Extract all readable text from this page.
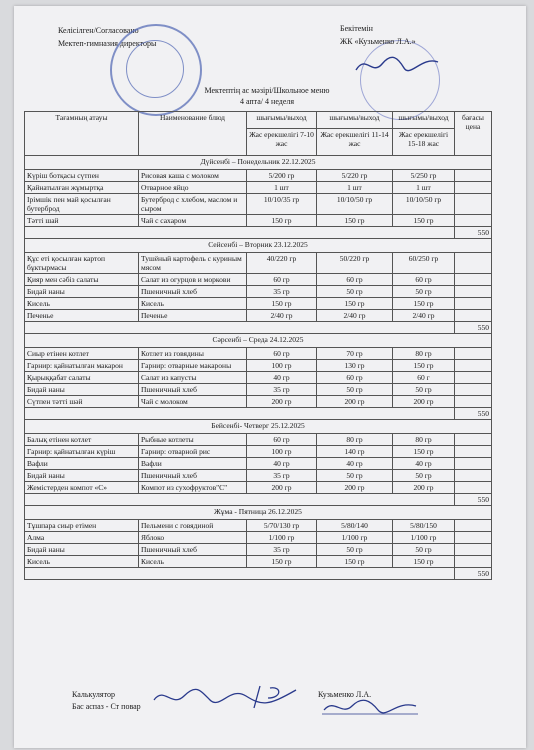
Келісілген/Согласовано
Мектеп-гимназия директоры
Бекітемін
ЖК «Кузьменко Л.А.»
Мектептің ас мәзірі/Школьное меню
4 апта/ 4 неделя
Тағамның атауы	Наименование блюд	шығымы/выход	шығымы/выход	шығымы/выход	бағасы цена
		Жас ерекшелігі 7-10 жас	Жас ерекшелігі 11-14 жас	Жас ерекшелігі 15-18 жас	
Дүйсенбі – Понедельник 22.12.2025					
Күріш ботқасы сүтпен	Рисовая каша с молоком	5/200 гр	5/220 гр	5/250 гр	
Қайнатылған жұмыртқа	Отварное яйцо	1 шт	1 шт	1 шт	
Ірімшік пен май қосылған бутерброд	Бутерброд с хлебом, маслом и сыром	10/10/35 гр	10/10/50 гр	10/10/50 гр	
Тәтті шай	Чай с сахаром	150 гр	150 гр	150 гр	
					550
Сейсенбі – Вторник 23.12.2025					
Құс еті қосылған картоп бұктырмасы	Тушёный картофель с куриным мясом	40/220 гр	50/220 гр	60/250 гр	
Қияр мен сәбіз салаты	Салат из огурцов и моркови	60 гр	60 гр	60 гр	
Бидай наны	Пшеничный хлеб	35 гр	50 гр	50 гр	
Кисель	Кисель	150 гр	150 гр	150 гр	
Печенье	Печенье	2/40 гр	2/40 гр	2/40 гр	
					550
Сәрсенбі – Среда 24.12.2025					
Сиыр етінен котлет	Котлет из говядины	60 гр	70 гр	80 гр	
Гарнир: қайнатылған макарон	Гарнир: отварные макароны	100 гр	130 гр	150 гр	
Қырыққабат салаты	Салат из капусты	40 гр	60 гр	60 г	
Бидай наны	Пшеничный хлеб	35 гр	50 гр	50 гр	
Сүтпен тәтті шәй	Чай с молоком	200 гр	200 гр	200 гр	
					550
Бейсенбі- Четверг 25.12.2025					
Балық етінен котлет	Рыбные котлеты	60 гр	80 гр	80 гр	
Гарнир: қайнатылған күріш	Гарнир: отварной рис	100 гр	140 гр	150 гр	
Вафли	Вафли	40 гр	40 гр	40 гр	
Бидай наны	Пшеничный хлеб	35 гр	50 гр	50 гр	
Жемістерден компот «С»	Компот из сухофруктов"С"	200 гр	200 гр	200 гр	
					550
Жұма - Пятница 26.12.2025					
Тұшпара сиыр етімен	Пельмени с говядиной	5/70/130 гр	5/80/140	5/80/150	
Алма	Яблоко	1/100 гр	1/100 гр	1/100 гр	
Бидай наны	Пшеничный хлеб	35 гр	50 гр	50 гр	
Кисель	Кисель	150 гр	150 гр	150 гр	
					550
Калькулятор
Бас аспаз - Ст повар
Кузьменко Л.А.
